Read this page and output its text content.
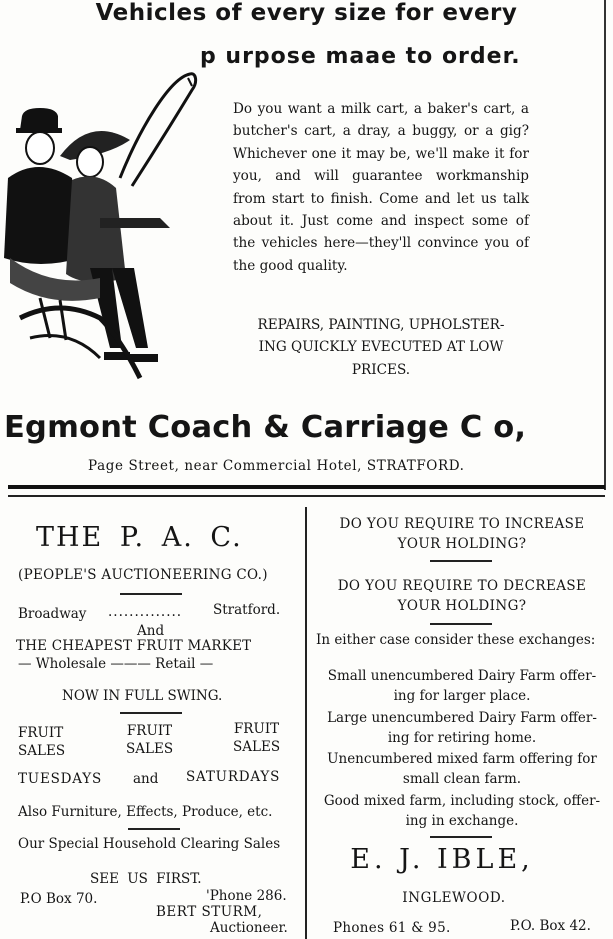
Vehicles of every size for every
p urpose maae to order.
Do you want a milk cart, a baker's cart, a butcher's cart, a dray, a buggy, or a gig? Whichever one it may be, we'll make it for you, and will guarantee workmanship from start to finish. Come and let us talk about it. Just come and inspect some of the vehicles here—they'll convince you of the good quality.
REPAIRS, PAINTING, UPHOLSTER-
ING QUICKLY EVECUTED AT LOW
PRICES.
Egmont Coach & Carriage C o,
Page Street, near Commercial Hotel, STRATFORD.
THE P. A. C.
(PEOPLE'S AUCTIONEERING CO.)
Broadway .............. Stratford.
And
THE CHEAPEST FRUIT MARKET
— Wholesale ——— Retail —
NOW IN FULL SWING.
FRUIT
SALES
FRUIT
SALES
FRUIT
SALES
TUESDAYS and SATURDAYS
Also Furniture, Effects, Produce, etc.
Our Special Household Clearing Sales
SEE US FIRST.
P.O Box 70.	'Phone 286.
BERT STURM,
Auctioneer.
DO YOU REQUIRE TO INCREASE
YOUR HOLDING?
DO YOU REQUIRE TO DECREASE
YOUR HOLDING?
In either case consider these exchanges:
Small unencumbered Dairy Farm offer-
ing for larger place.
Large unencumbered Dairy Farm offer-
ing for retiring home.
Unencumbered mixed farm offering for
small clean farm.
Good mixed farm, including stock, offer-
ing in exchange.
E. J. IBLE,
INGLEWOOD.
Phones 61 & 95.	P.O. Box 42.
